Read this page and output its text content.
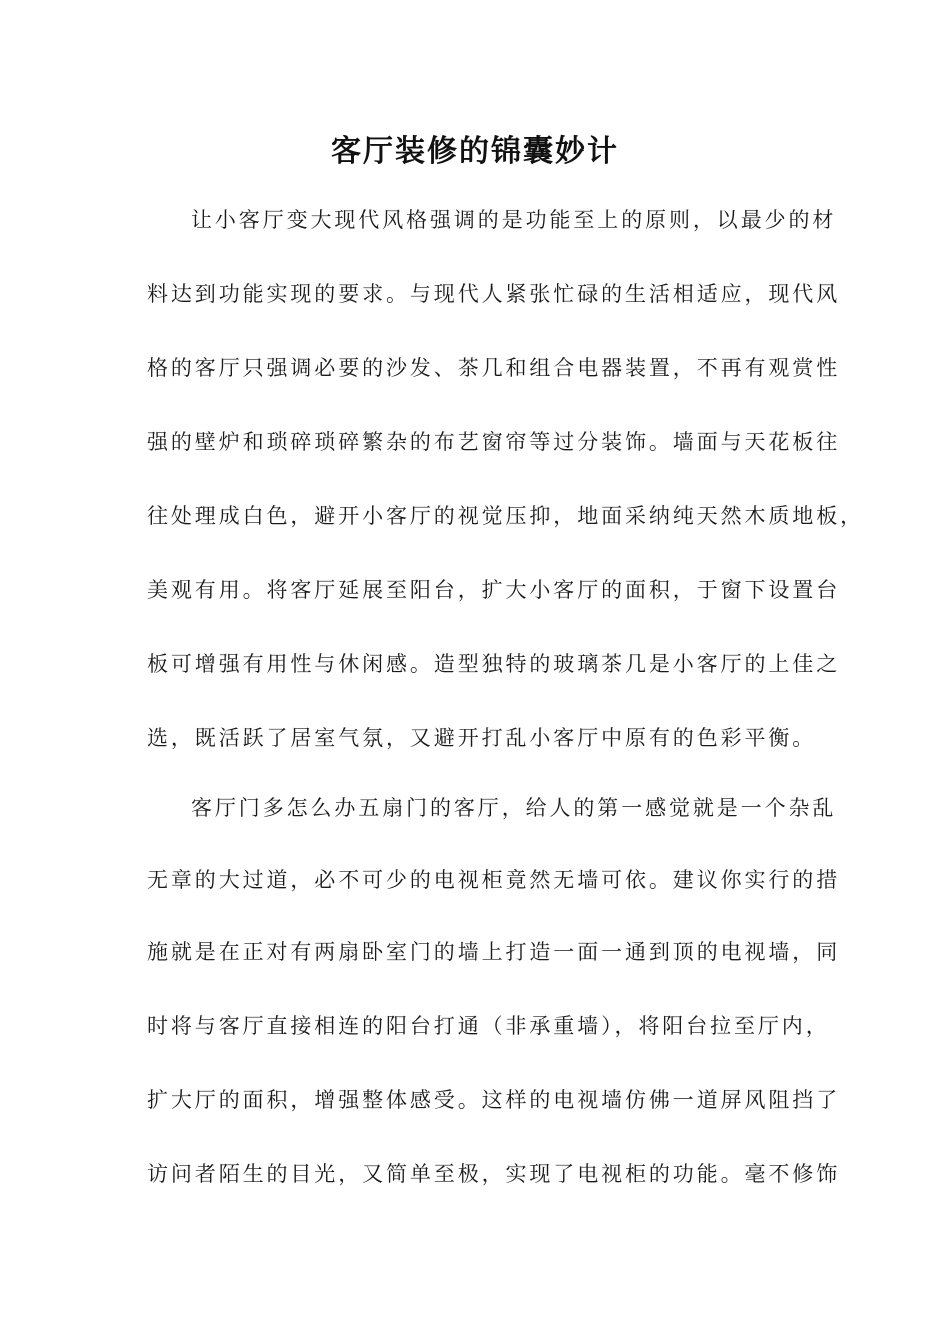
客厅装修的锦囊妙计

让小客厅变大现代风格强调的是功能至上的原则，以最少的材

料达到功能实现的要求。与现代人紧张忙碌的生活相适应，现代风

格的客厅只强调必要的沙发、茶几和组合电器装置，不再有观赏性

强的壁炉和琐碎琐碎繁杂的布艺窗帘等过分装饰。墙面与天花板往

往处理成白色，避开小客厅的视觉压抑，地面采纳纯天然木质地板，

美观有用。将客厅延展至阳台，扩大小客厅的面积，于窗下设置台

板可增强有用性与休闲感。造型独特的玻璃茶几是小客厅的上佳之

选，既活跃了居室气氛，又避开打乱小客厅中原有的色彩平衡。

客厅门多怎么办五扇门的客厅，给人的第一感觉就是一个杂乱

无章的大过道，必不可少的电视柜竟然无墙可依。建议你实行的措

施就是在正对有两扇卧室门的墙上打造一面一通到顶的电视墙，同

时将与客厅直接相连的阳台打通（非承重墙），将阳台拉至厅内，

扩大厅的面积，增强整体感受。这样的电视墙仿佛一道屏风阻挡了

访问者陌生的目光，又简单至极，实现了电视柜的功能。毫不修饰
